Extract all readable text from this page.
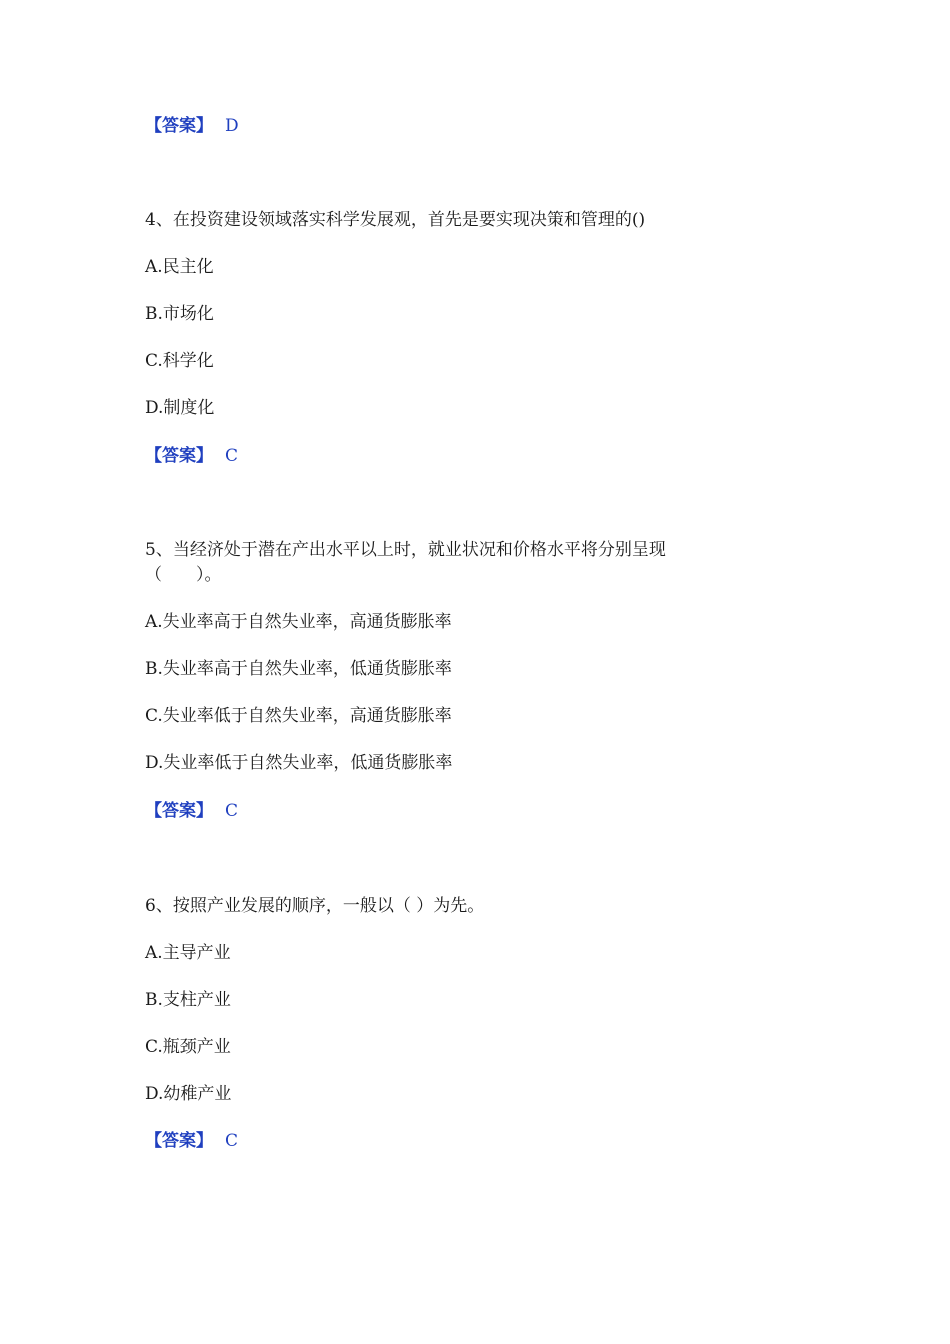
【答案】 D
4、在投资建设领域落实科学发展观，首先是要实现决策和管理的()
A.民主化
B.市场化
C.科学化
D.制度化
【答案】 C
5、当经济处于潜在产出水平以上时，就业状况和价格水平将分别呈现
（　　）。
A.失业率高于自然失业率，高通货膨胀率
B.失业率高于自然失业率，低通货膨胀率
C.失业率低于自然失业率，高通货膨胀率
D.失业率低于自然失业率，低通货膨胀率
【答案】 C
6、按照产业发展的顺序，一般以（ ）为先。
A.主导产业
B.支柱产业
C.瓶颈产业
D.幼稚产业
【答案】 C
